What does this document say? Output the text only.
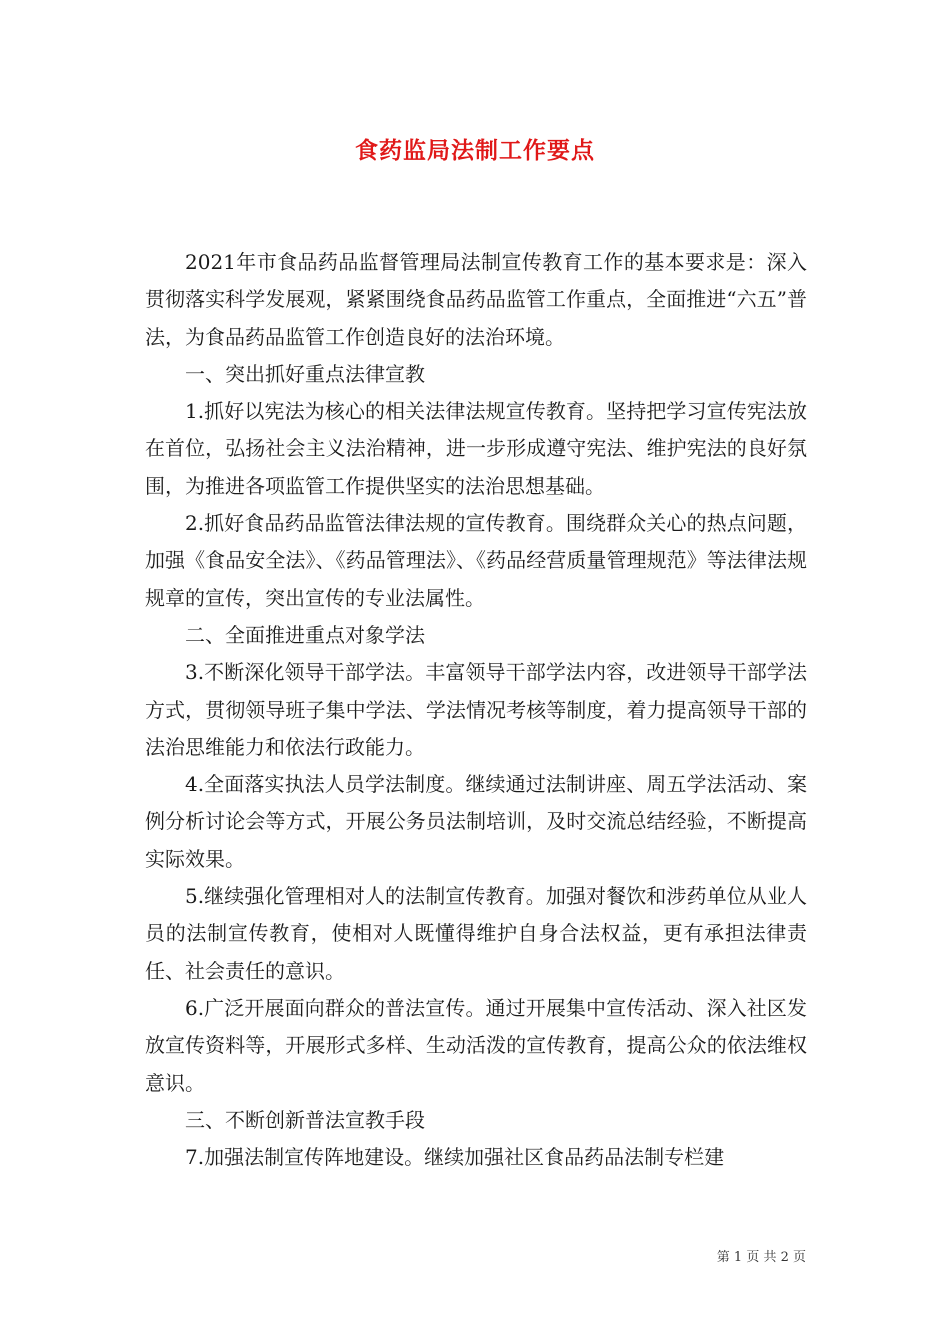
食药监局法制工作要点

2021年市食品药品监督管理局法制宣传教育工作的基本要求是：深入贯彻落实科学发展观，紧紧围绕食品药品监管工作重点，全面推进“六五”普法，为食品药品监管工作创造良好的法治环境。

一、突出抓好重点法律宣教

1.抓好以宪法为核心的相关法律法规宣传教育。坚持把学习宣传宪法放在首位，弘扬社会主义法治精神，进一步形成遵守宪法、维护宪法的良好氛围，为推进各项监管工作提供坚实的法治思想基础。

2.抓好食品药品监管法律法规的宣传教育。围绕群众关心的热点问题，加强《食品安全法》、《药品管理法》、《药品经营质量管理规范》等法律法规规章的宣传，突出宣传的专业法属性。

二、全面推进重点对象学法

3.不断深化领导干部学法。丰富领导干部学法内容，改进领导干部学法方式，贯彻领导班子集中学法、学法情况考核等制度，着力提高领导干部的法治思维能力和依法行政能力。

4.全面落实执法人员学法制度。继续通过法制讲座、周五学法活动、案例分析讨论会等方式，开展公务员法制培训，及时交流总结经验，不断提高实际效果。

5.继续强化管理相对人的法制宣传教育。加强对餐饮和涉药单位从业人员的法制宣传教育，使相对人既懂得维护自身合法权益，更有承担法律责任、社会责任的意识。

6.广泛开展面向群众的普法宣传。通过开展集中宣传活动、深入社区发放宣传资料等，开展形式多样、生动活泼的宣传教育，提高公众的依法维权意识。

三、不断创新普法宣教手段

7.加强法制宣传阵地建设。继续加强社区食品药品法制专栏建

第 1 页 共 2 页
